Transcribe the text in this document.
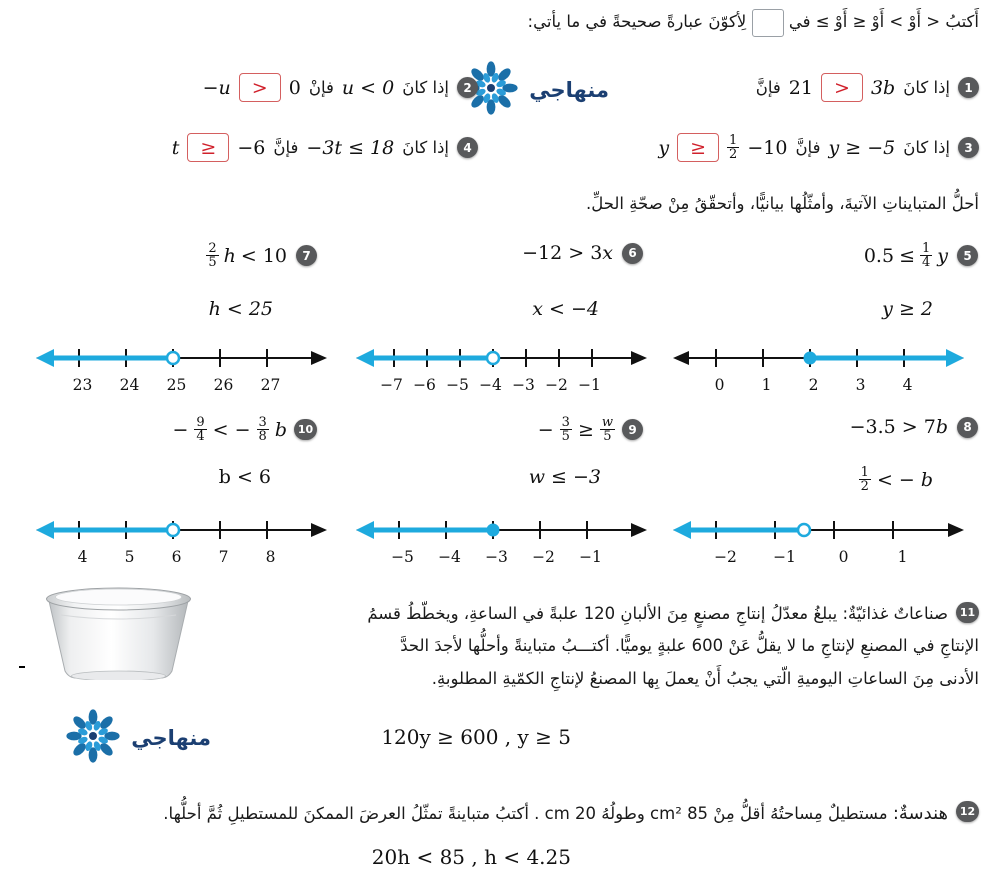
أَكتبُ < أَوْ > أَوْ ≤ أَوْ ≥ في  لِأكوّنَ عبارةً صحيحةً في ما يأتي:
منهاجي	1
إذا كانَ
3b
>
21
فإنَّ
2
إذا كانَ
u < 0
فإنْ
0
>
−u
3
إذا كانَ
y ≥ −5
فإنَّ
−10
$\frac{1}{2}$
≥
y
4
إذا كانَ
−3t ≤ 18
فإنَّ
−6
≥
t
أحلُّ المتبايناتِ الآتيةَ، وأمثّلُها بيانيًّا، وأتحقّقُ مِنْ صحّةِ الحلِّ.
5
$0.5 \le \frac{1}{4}$ y
y ≥ 2
0	1	2	3	4
6
−12 > 3x
x < −4
−7 −6 −5 −4 −3 −2 −1
7
2
5 h < 10
h < 25
23	24	25	26	27
8
−3.5 > 7b
b
< −
$\frac{1}{2}$
−2	−1	0	1
9
− $\frac{3}{5} \ge \frac{w}{5}$
w ≤ −3
−5	−4	−3	−2	−1
10
− $\frac{9}{4}$ < − $\frac{3}{8}$ b
b < 6
4	5	6	7	8
11
صناعاتٌ غذائيّةٌ: يبلغُ معدّلُ إنتاجِ مصنعٍ مِنَ الألبانِ 120 علبةً في الساعةِ، ويخطّطُ قسمُ
الإنتاجِ في المصنعِ لإنتاجِ ما لا يقلُّ عَنْ 600 علبةٍ يوميًّا. أكتـــبُ متباينةً وأحلُّها لأجدَ الحدَّ
الأدنى مِنَ الساعاتِ اليوميةِ الّتي يجبُ أَنْ يعملَ بِها المصنعُ لإنتاجِ الكمّيةِ المطلوبةِ.
120y ≥ 600 , y ≥ 5
منهاجي
12
هندسةٌ: مستطيلٌ مِساحتُهُ أقلُّ مِنْ 85 cm² وطولُهُ 20 cm . أكتبُ متباينةً تمثّلُ العرضَ الممكنَ للمستطيلِ ثُمَّ أحلُّها.
20h < 85 , h < 4.25
